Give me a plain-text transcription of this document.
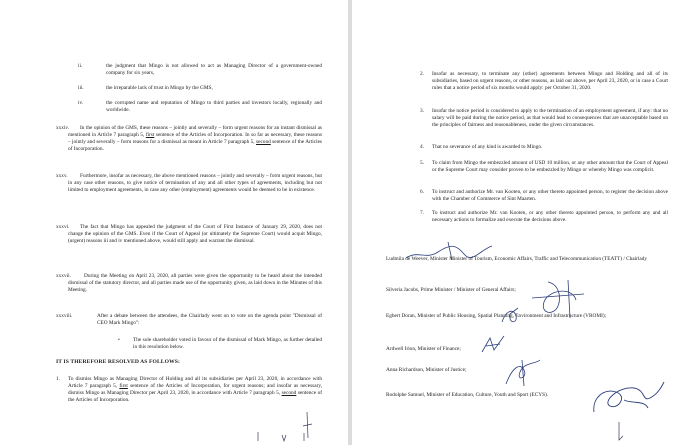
ii.	the judgment that Mingo is not allowed to act as Managing Director of a government-owned company for six years,
iii.	the irreparable lack of trust in Mingo by the GMS,
iv.	the corrupted name and reputation of Mingo to third parties and investors locally, regionally and worldwide.
xxxiv.	In the opinion of the GMS, these reasons – jointly and severally – form urgent reasons for an instant dismissal as mentioned in Article 7 paragraph 5, first sentence of the Articles of Incorporation. In so far as necessary, these reasons – jointly and severally – form reasons for a dismissal as meant in Article 7 paragraph 5, second sentence of the Articles of Incorporation.
xxxv.	Furthermore, insofar as necessary, the above mentioned reasons – jointly and severally – form urgent reasons, but in any case other reasons, to give notice of termination of any and all other types of agreements, including but not limited to employment agreements, in case any other (employment) agreements would be deemed to be in existence.
xxxvi.	The fact that Mingo has appealed the judgment of the Court of First Instance of January 29, 2020, does not change the opinion of the GMS. Even if the Court of Appeal (or ultimately the Supreme Court) would acquit Mingo, (urgent) reasons iii and iv mentioned above, would still apply and warrant the dismissal.
xxxvii.	During the Meeting on April 23, 2020, all parties were given the opportunity to be heard about the intended dismissal of the statutory director, and all parties made use of the opportunity given, as laid down in the Minutes of this Meeting.
xxxviii.	After a debate between the attendees, the Chairlady went on to vote on the agenda point "Dismissal of CEO Mark Mingo":
• The sole shareholder voted in favour of the dismissal of Mark Mingo, as further detailed in this resolution below.
IT IS THEREFORE RESOLVED AS FOLLOWS:
1. To dismiss Mingo as Managing Director of Holding and all its subsidiaries per April 23, 2020, in accordance with Article 7 paragraph 5, first sentence of the Articles of Incorporation, for urgent reasons; and insofar as necessary, dismiss Mingo as Managing Director per April 23, 2020, in accordance with Article 7 paragraph 5, second sentence of the Articles of Incorporation.
2. Insofar as necessary, to terminate any (other) agreements between Mingo and Holding and all of its subsidiaries, based on urgent reasons, or other reasons, as laid out above, per April 23, 2020, or in case a Court rules that a notice period of six months would apply: per October 31, 2020.
3. Insofar the notice period is considered to apply to the termination of an employment agreement, if any: that no salary will be paid during the notice period, as that would lead to consequences that are unacceptable based on the principles of fairness and reasonableness, under the given circumstances.
4. That no severance of any kind is awarded to Mingo.
5. To claim from Mingo the embezzled amount of USD 10 million, or any other amount that the Court of Appeal or the Supreme Court may consider proven to be embezzled by Mingo or whereby Mingo was complicit.
6. To instruct and authorize Mr. van Kooten, or any other thereto appointed person, to register the decision above with the Chamber of Commerce of Sint Maarten.
7. To instruct and authorize Mr. van Kooten, or any other thereto appointed person, to perform any and all necessary actions to formalize and execute the decisions above.
Ludmila de Weever, Minister Minister of Tourism, Economic Affairs, Traffic and Telecommunication (TEATT) / Chairlady
Silveria Jacobs, Prime Minister / Minister of General Affairs;
Egbert Doran, Minister of Public Housing, Spatial Planning, Environment and Infrastructure (VROMI);
Ardwell Irion, Minister of Finance;
Anna Richardson, Minister of Justice;
Rodolphe Samuel, Minister of Education, Culture, Youth and Sport (ECYS).
